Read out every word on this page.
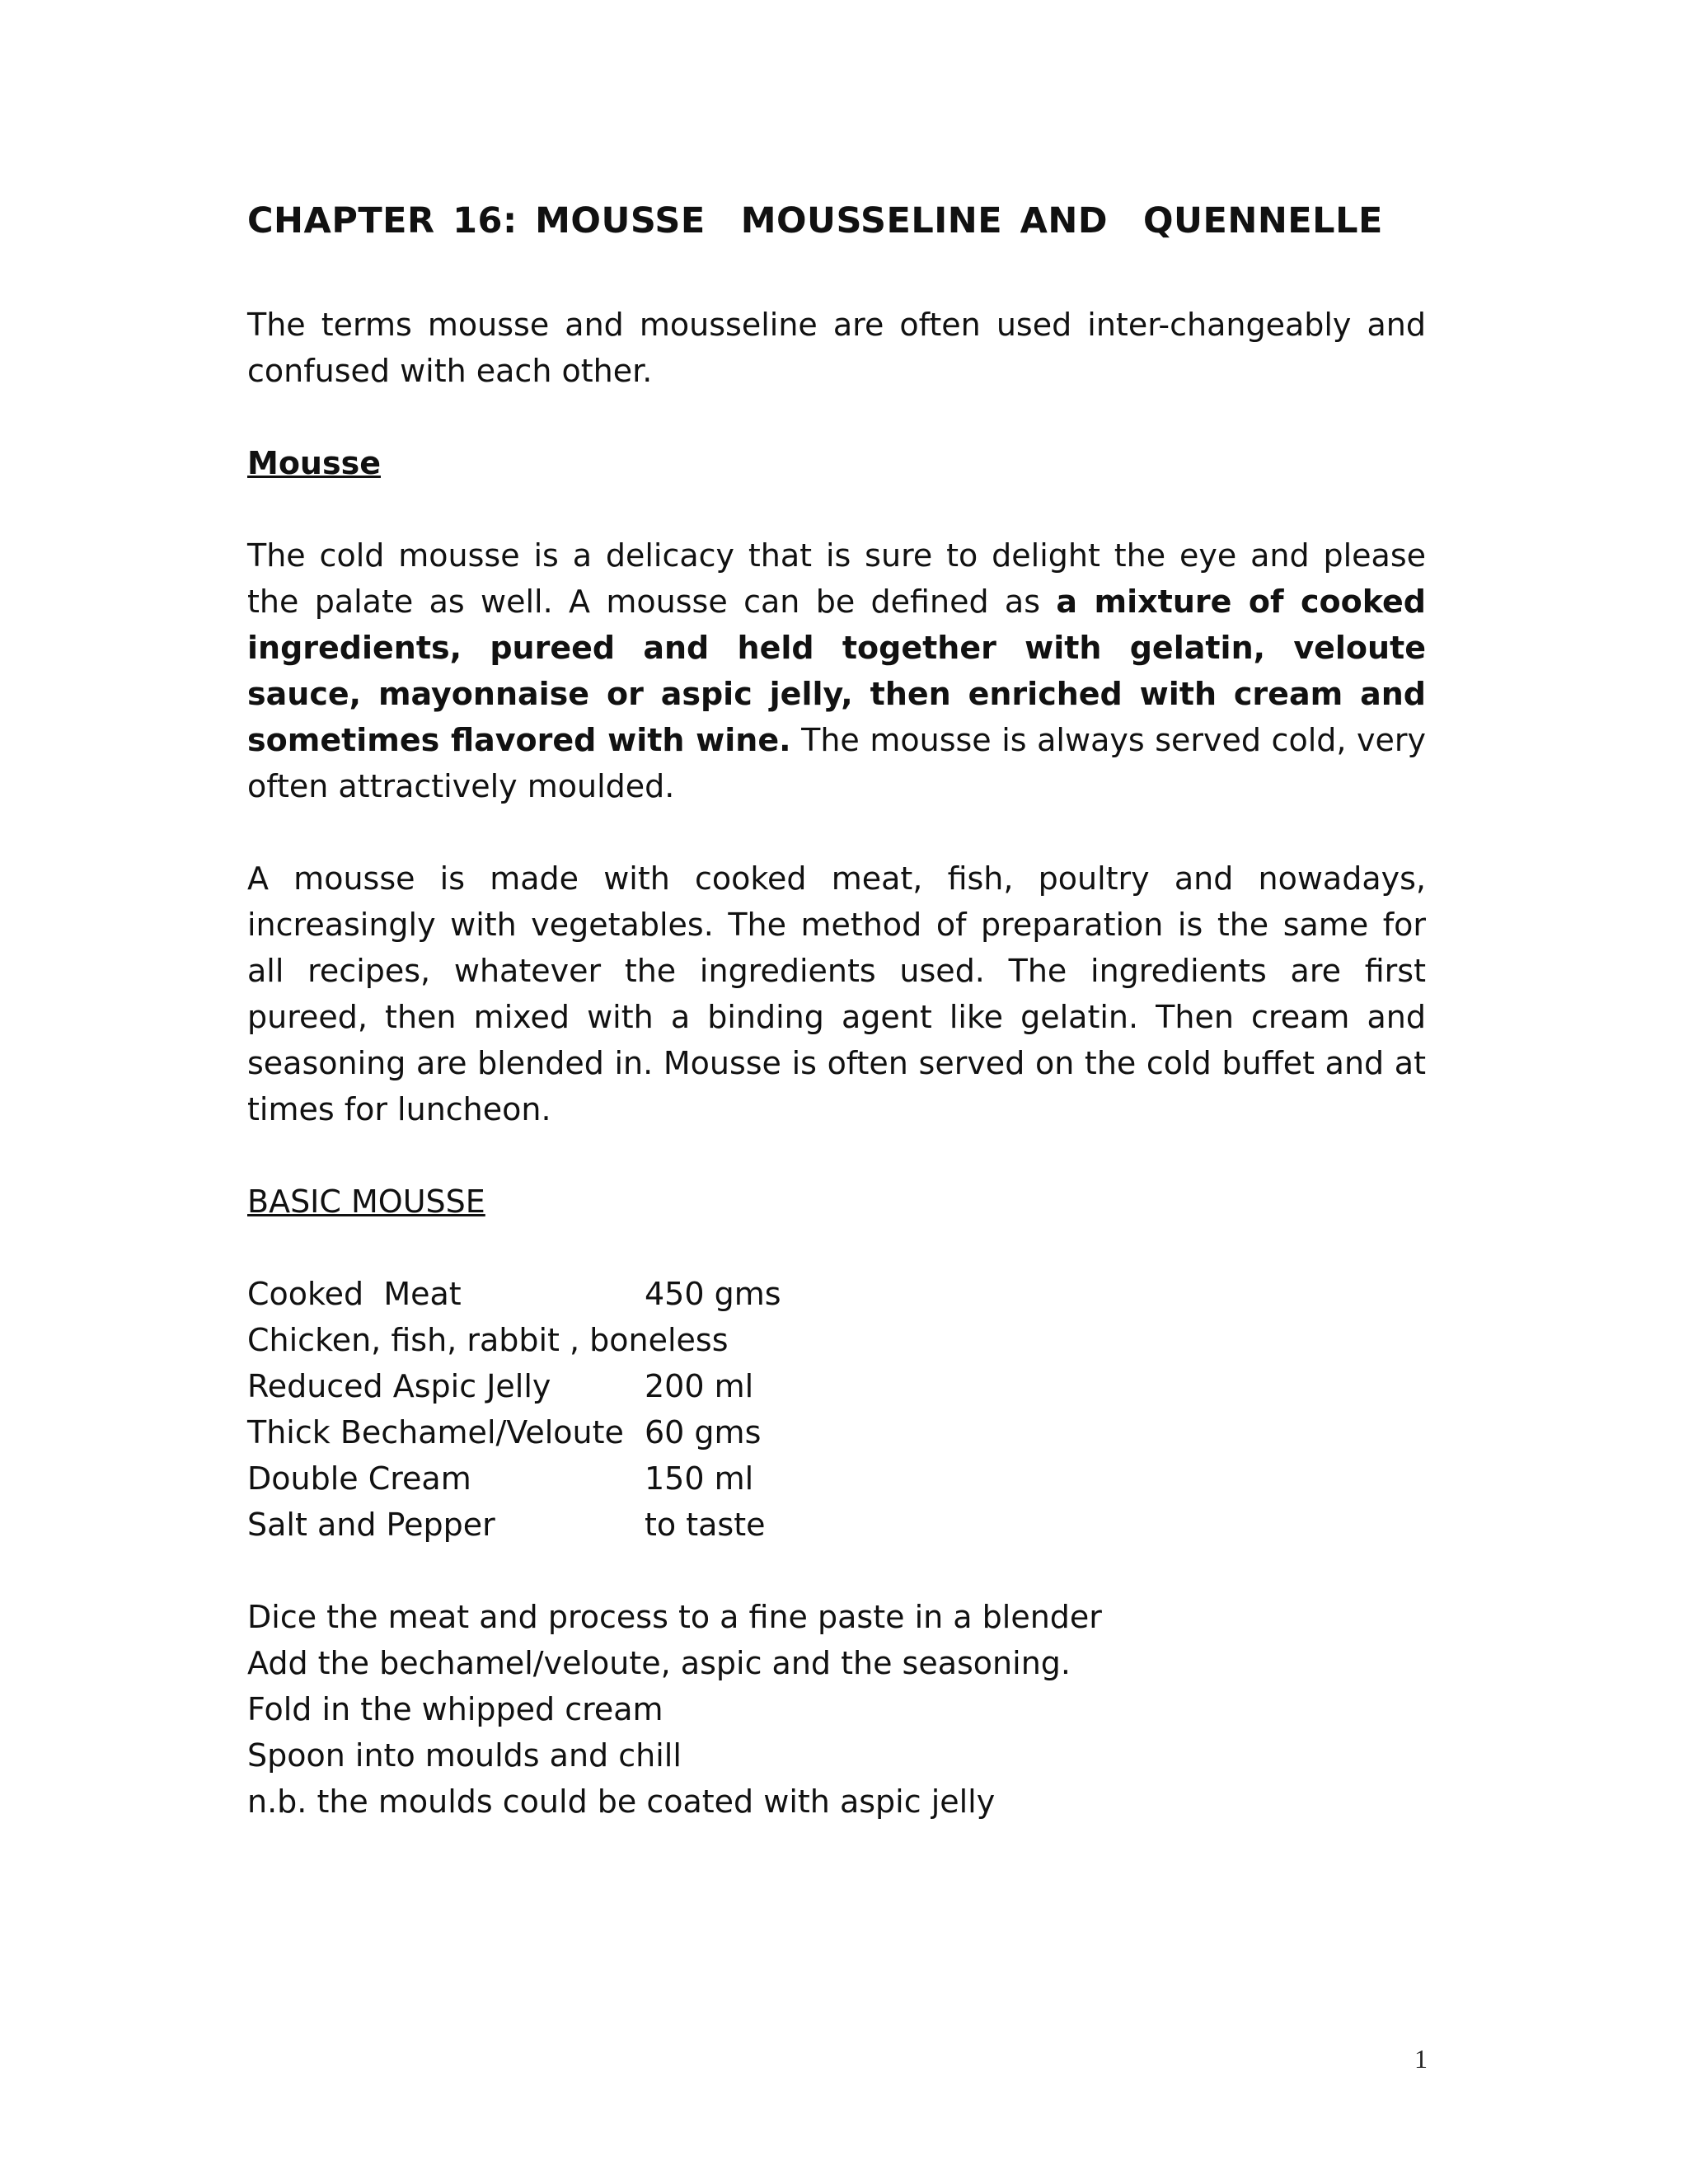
CHAPTER 16: MOUSSE  MOUSSELINE AND  QUENNELLE

The terms mousse and mousseline are often used inter-changeably and confused with each other.

Mousse

The cold mousse is a delicacy that is sure to delight the eye and please the palate as well. A mousse can be defined as a mixture of cooked ingredients, pureed and held together with gelatin, veloute sauce, mayonnaise or aspic jelly, then enriched with cream and sometimes flavored with wine. The mousse is always served cold, very often attractively moulded.

A mousse is made with cooked meat, fish, poultry and nowadays, increasingly with vegetables. The method of preparation is the same for all recipes, whatever the ingredients used. The ingredients are first pureed, then mixed with a binding agent like gelatin. Then cream and seasoning are blended in. Mousse is often served on the cold buffet and at times for luncheon.

BASIC MOUSSE
Cooked  Meat	450 gms
Chicken, fish, rabbit , boneless	
Reduced Aspic Jelly	200 ml
Thick Bechamel/Veloute	60 gms
Double Cream	150 ml
Salt and Pepper	to taste
Dice the meat and process to a fine paste in a blender
Add the bechamel/veloute, aspic and the seasoning.
Fold in the whipped cream
Spoon into moulds and chill
n.b. the moulds could be coated with aspic jelly
1
